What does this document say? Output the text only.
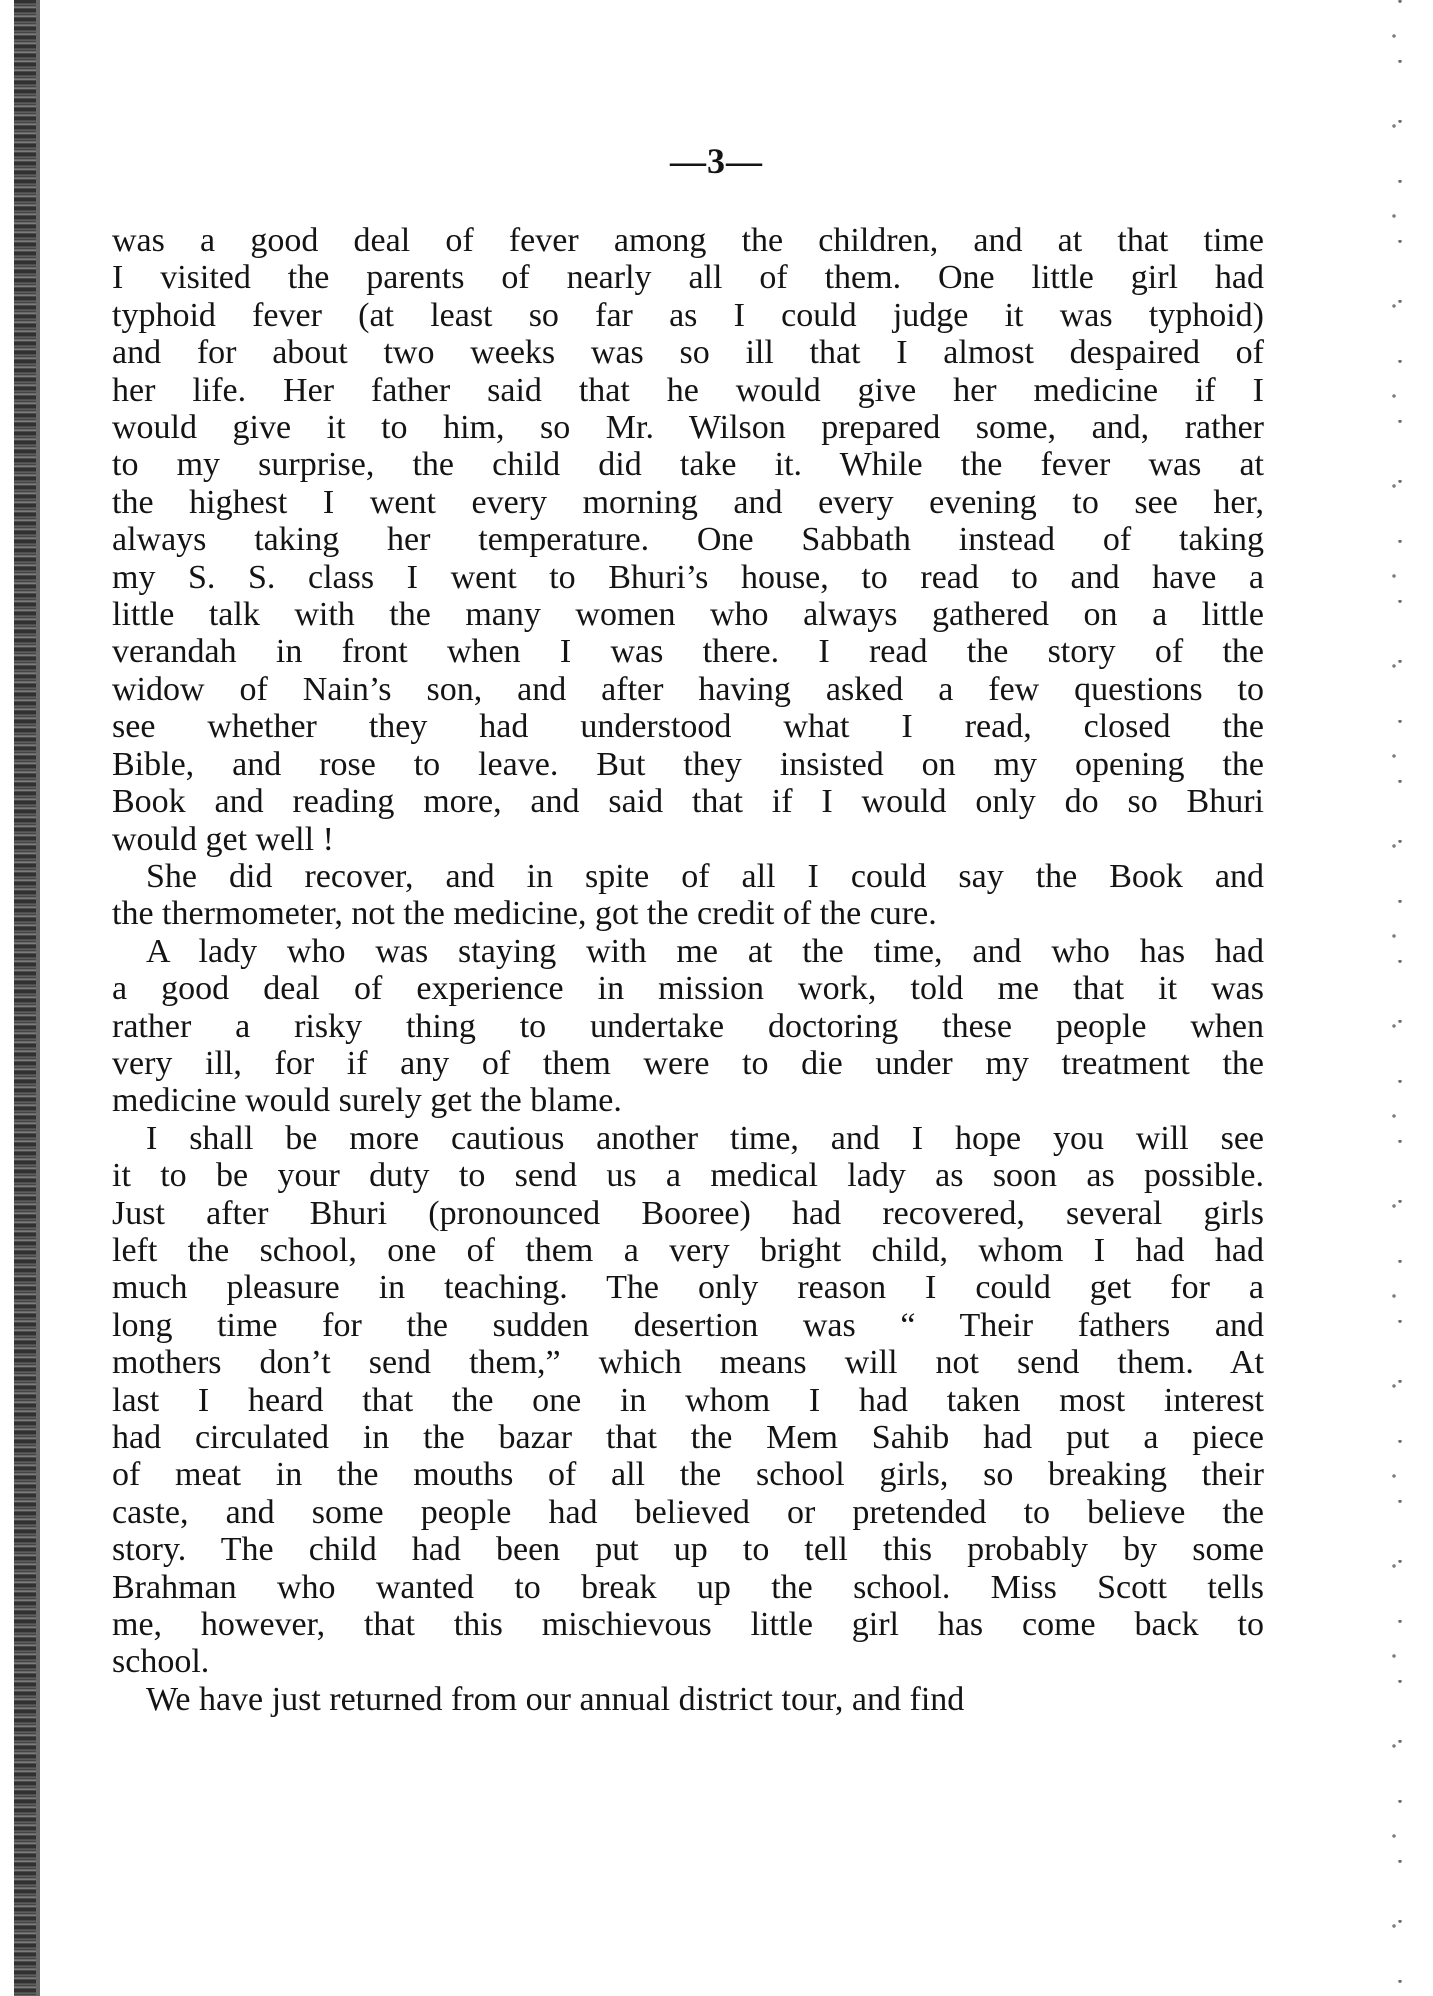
—3—
was a good deal of fever among the children, and at that time
I visited the parents of nearly all of them. One little girl had
typhoid fever (at least so far as I could judge it was typhoid)
and for about two weeks was so ill that I almost despaired of
her life. Her father said that he would give her medicine if I
would give it to him, so Mr. Wilson prepared some, and, rather
to my surprise, the child did take it. While the fever was at
the highest I went every morning and every evening to see her,
always taking her temperature. One Sabbath instead of taking
my S. S. class I went to Bhuri’s house, to read to and have a
little talk with the many women who always gathered on a little
verandah in front when I was there. I read the story of the
widow of Nain’s son, and after having asked a few questions to
see whether they had understood what I read, closed the
Bible, and rose to leave. But they insisted on my opening the
Book and reading more, and said that if I would only do so Bhuri
would get well !
She did recover, and in spite of all I could say the Book and
the thermometer, not the medicine, got the credit of the cure.
A lady who was staying with me at the time, and who has had
a good deal of experience in mission work, told me that it was
rather a risky thing to undertake doctoring these people when
very ill, for if any of them were to die under my treatment the
medicine would surely get the blame.
I shall be more cautious another time, and I hope you will see
it to be your duty to send us a medical lady as soon as possible.
Just after Bhuri (pronounced Booree) had recovered, several girls
left the school, one of them a very bright child, whom I had had
much pleasure in teaching. The only reason I could get for a
long time for the sudden desertion was “ Their fathers and
mothers don’t send them,” which means will not send them. At
last I heard that the one in whom I had taken most interest
had circulated in the bazar that the Mem Sahib had put a piece
of meat in the mouths of all the school girls, so breaking their
caste, and some people had believed or pretended to believe the
story. The child had been put up to tell this probably by some
Brahman who wanted to break up the school. Miss Scott tells
me, however, that this mischievous little girl has come back to
school.
We have just returned from our annual district tour, and find
